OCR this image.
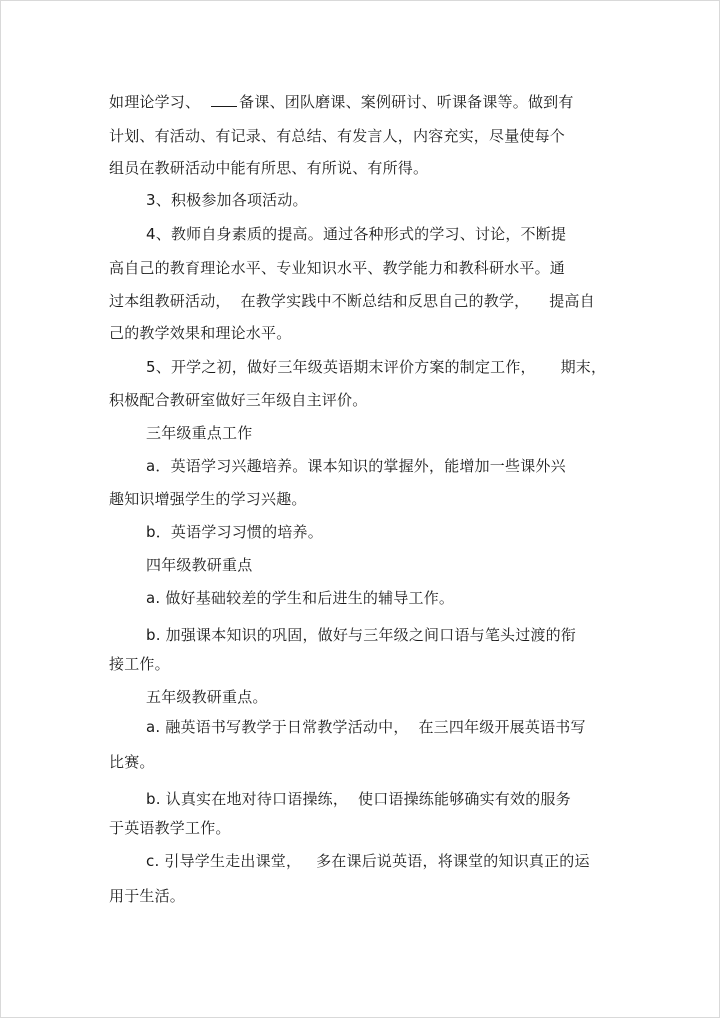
如理论学习、 备课、团队磨课、案例研讨、听课备课等。做到有
计划、有活动、有记录、有总结、有发言人，内容充实，尽量使每个
组员在教研活动中能有所思、有所说、有所得。
3、积极参加各项活动。
4、教师自身素质的提高。通过各种形式的学习、讨论，不断提
高自己的教育理论水平、专业知识水平、教学能力和教科研水平。通
过本组教研活动，  在教学实践中不断总结和反思自己的教学，    提高自
己的教学效果和理论水平。
5、开学之初，做好三年级英语期末评价方案的制定工作，     期末，
积极配合教研室做好三年级自主评价。
三年级重点工作
a．英语学习兴趣培养。课本知识的掌握外，能增加一些课外兴
趣知识增强学生的学习兴趣。
b．英语学习习惯的培养。
四年级教研重点
a. 做好基础较差的学生和后进生的辅导工作。
b. 加强课本知识的巩固，做好与三年级之间口语与笔头过渡的衔
接工作。
五年级教研重点。
a. 融英语书写教学于日常教学活动中，  在三四年级开展英语书写
比赛。
b. 认真实在地对待口语操练，  使口语操练能够确实有效的服务
于英语教学工作。
c. 引导学生走出课堂，   多在课后说英语，将课堂的知识真正的运
用于生活。
